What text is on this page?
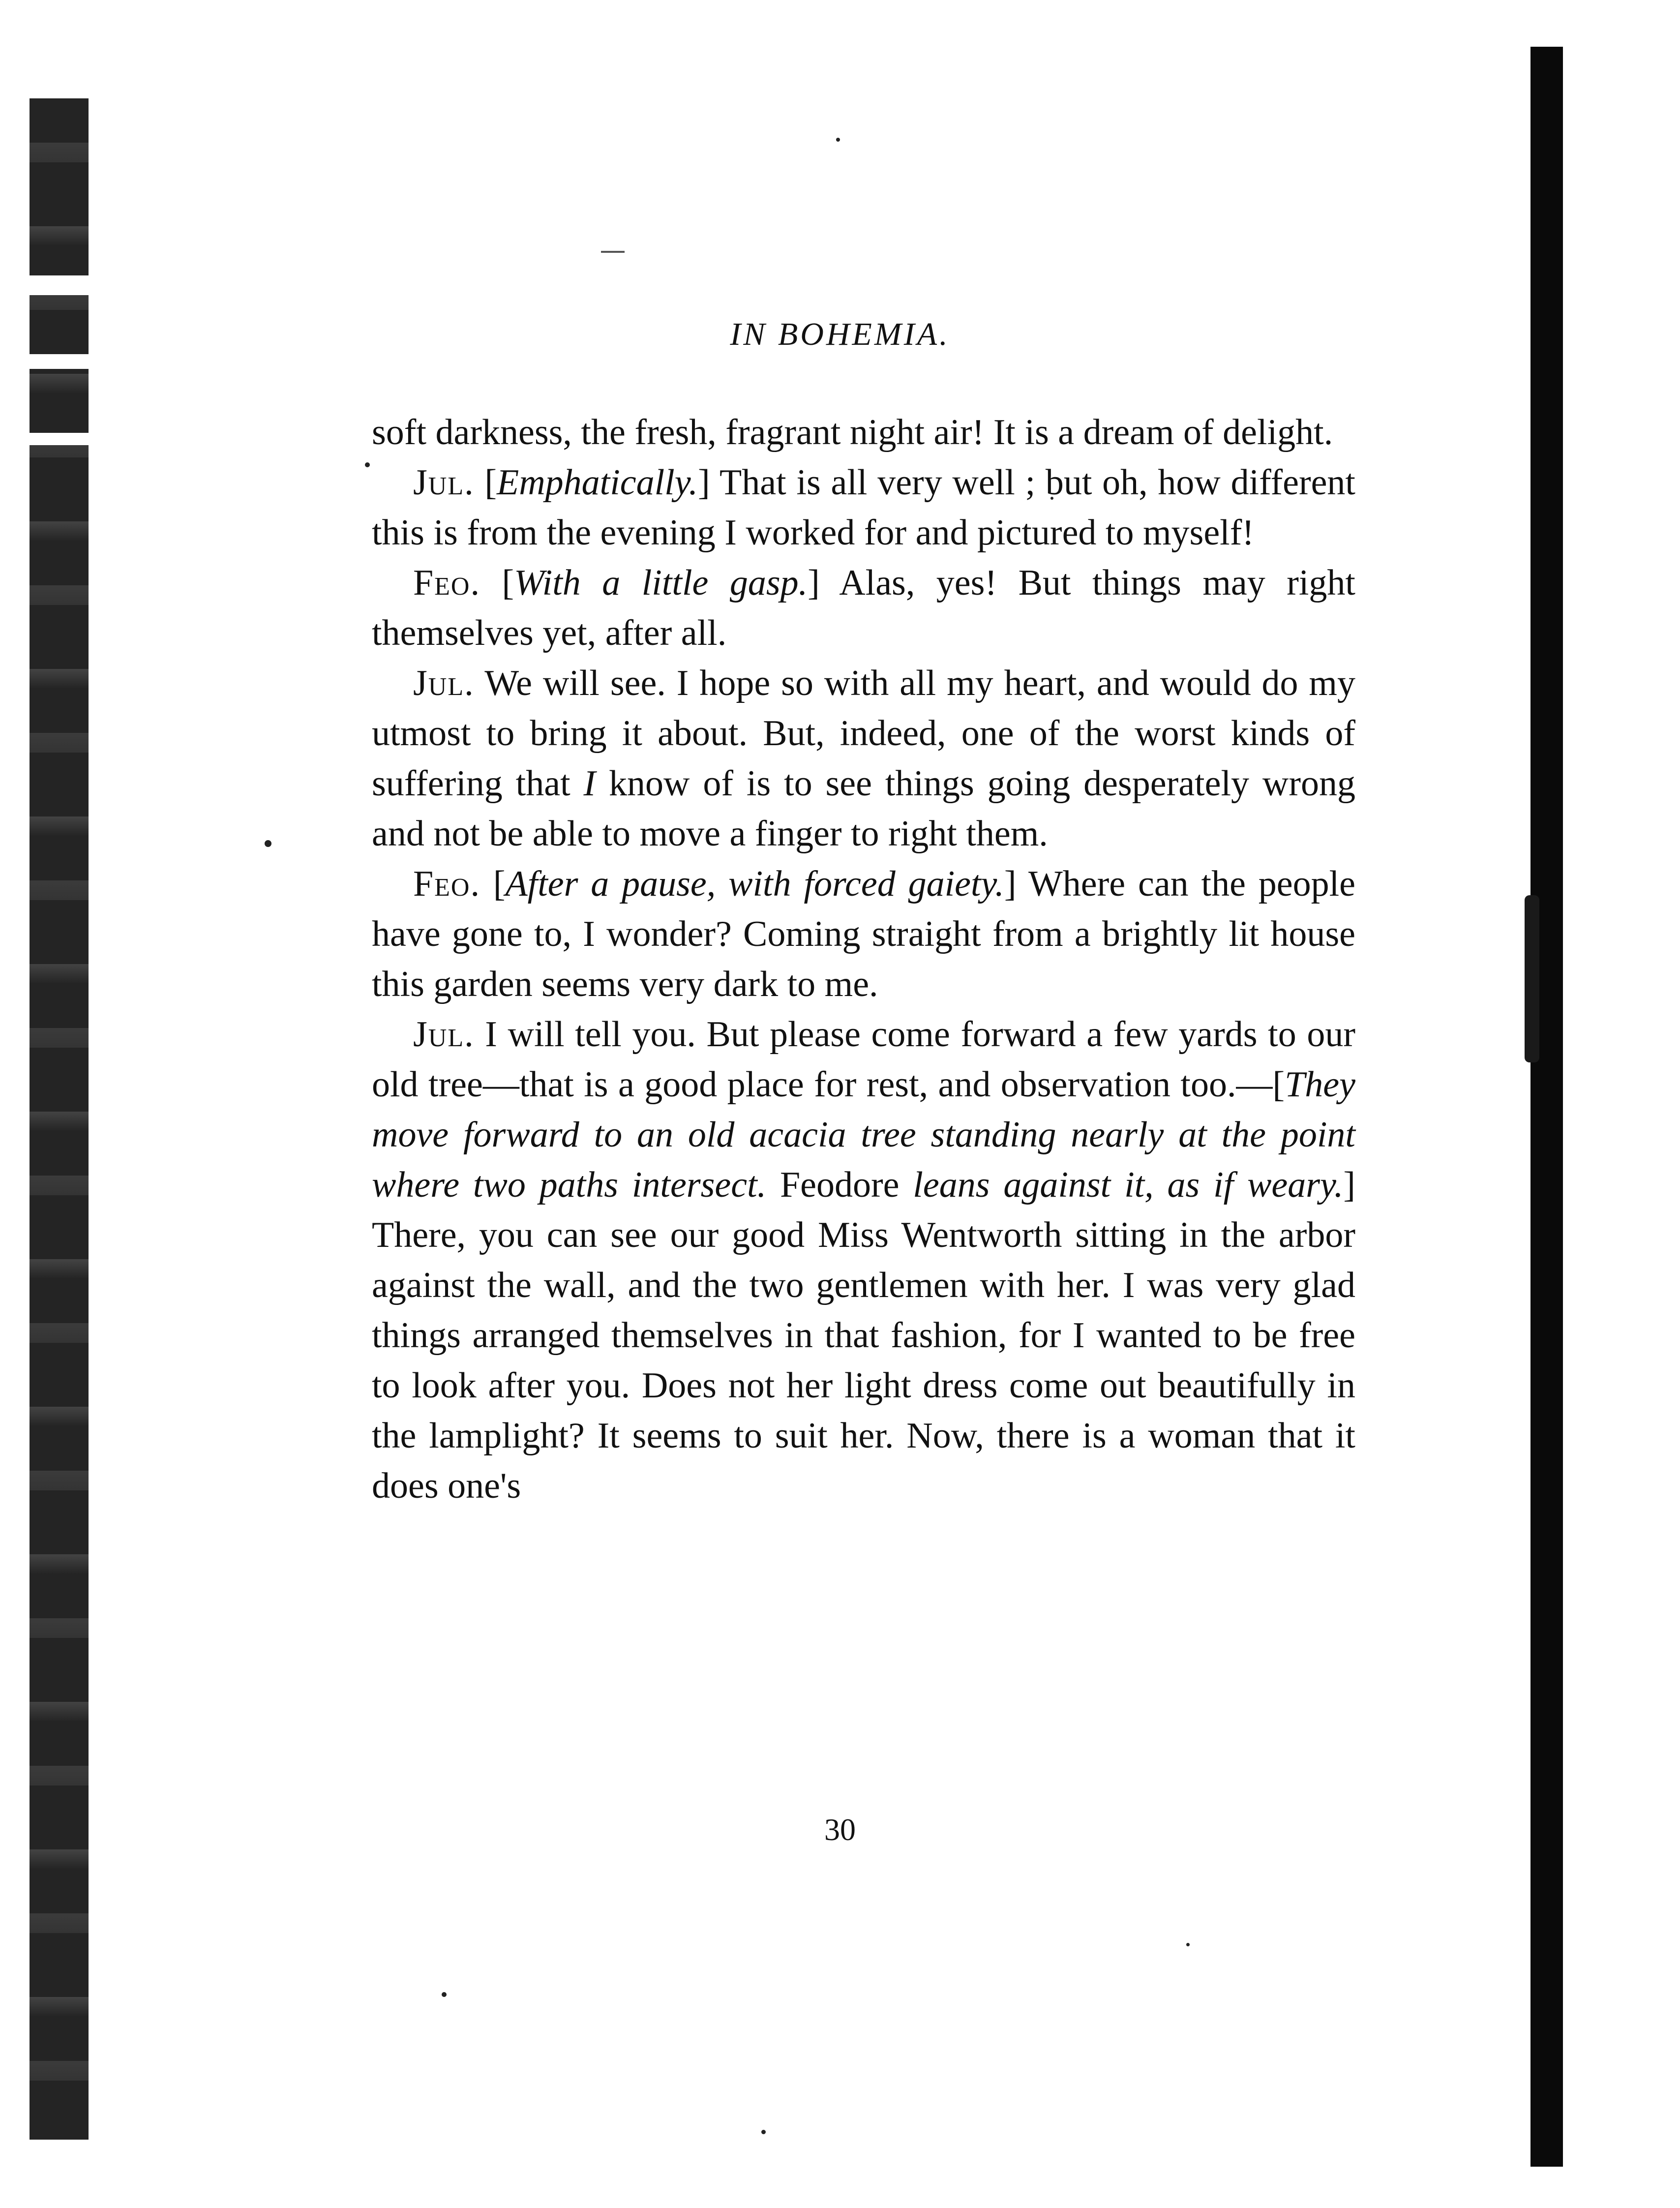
IN BOHEMIA.

soft darkness, the fresh, fragrant night air! It is a dream of delight.

Jul. [Emphatically.] That is all very well ; but oh, how different this is from the evening I worked for and pictured to myself!

Feo. [With a little gasp.] Alas, yes! But things may right themselves yet, after all.

Jul. We will see. I hope so with all my heart, and would do my utmost to bring it about. But, indeed, one of the worst kinds of suffering that I know of is to see things going desperately wrong and not be able to move a finger to right them.

Feo. [After a pause, with forced gaiety.] Where can the people have gone to, I wonder? Coming straight from a brightly lit house this garden seems very dark to me.

Jul. I will tell you. But please come forward a few yards to our old tree—that is a good place for rest, and observation too.—[They move forward to an old acacia tree standing nearly at the point where two paths intersect. Feodore leans against it, as if weary.] There, you can see our good Miss Wentworth sitting in the arbor against the wall, and the two gentlemen with her. I was very glad things arranged themselves in that fashion, for I wanted to be free to look after you. Does not her light dress come out beautifully in the lamplight? It seems to suit her. Now, there is a woman that it does one's

30
